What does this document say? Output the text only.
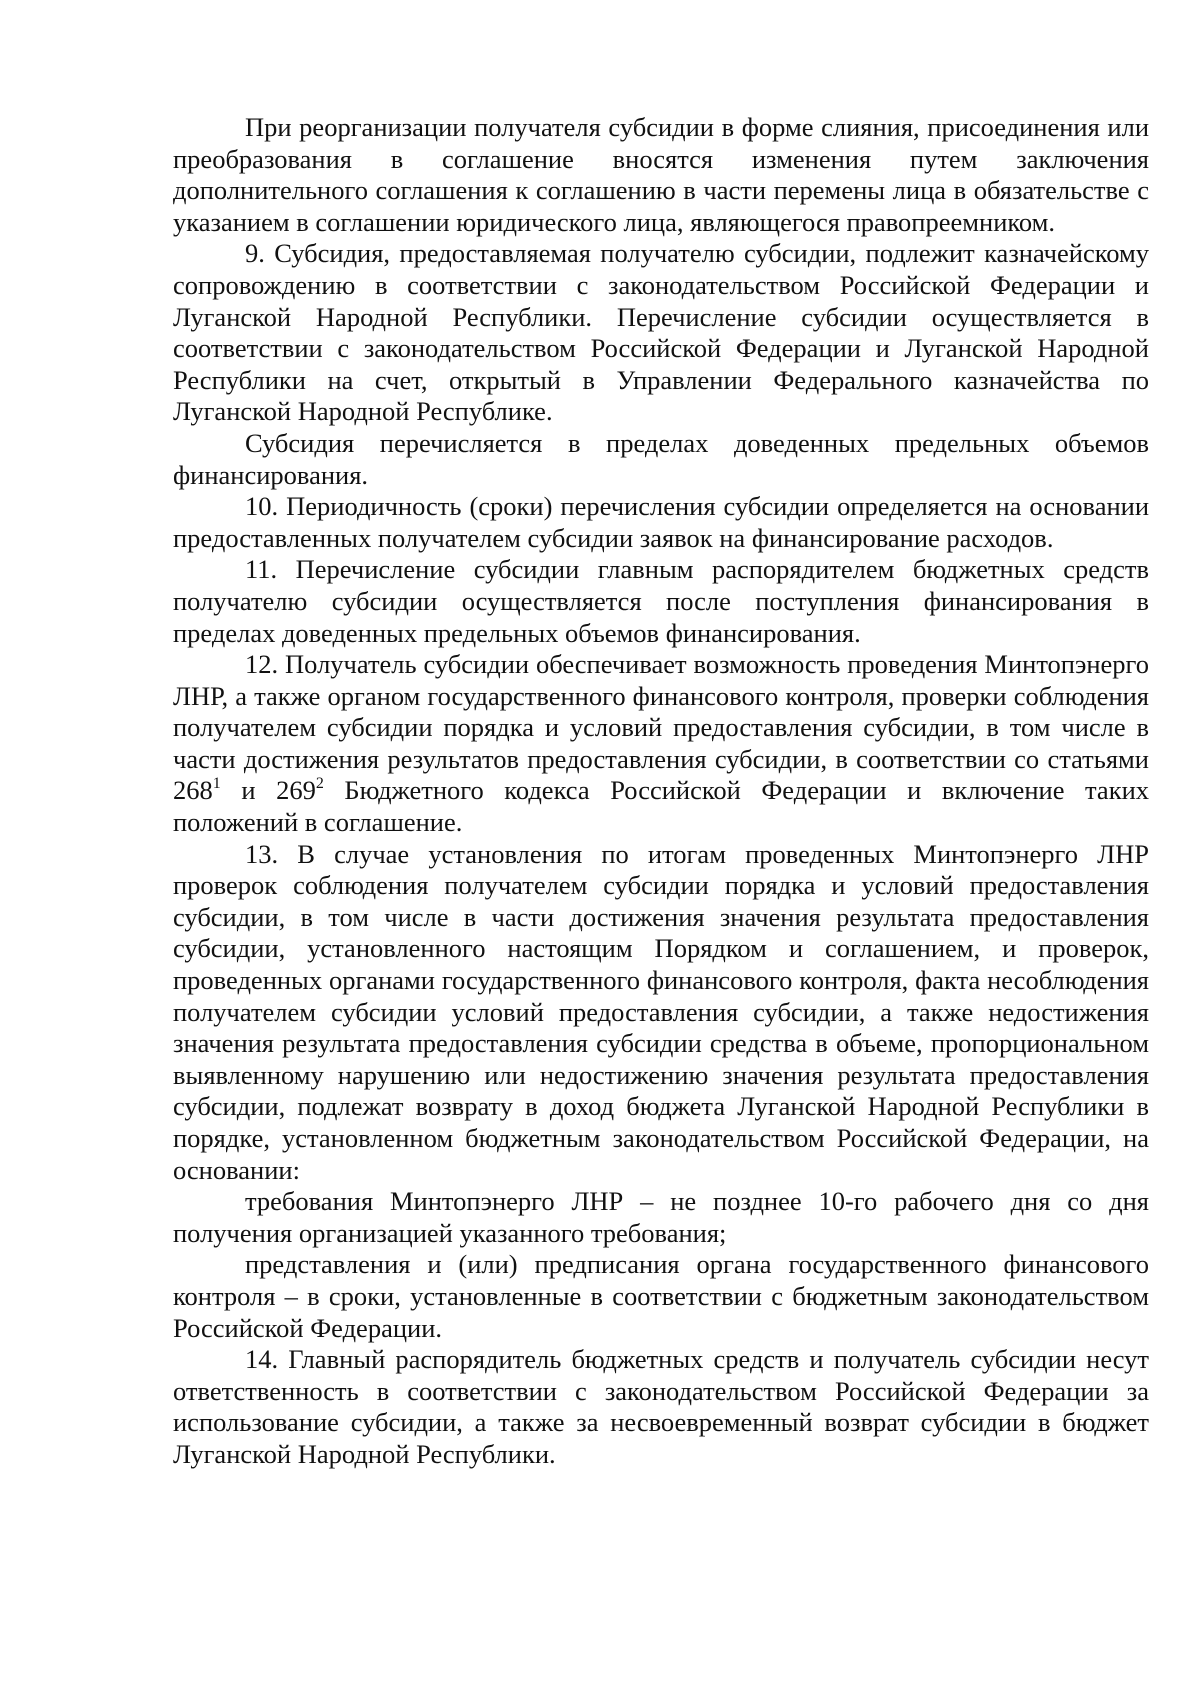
При реорганизации получателя субсидии в форме слияния, присоединения или преобразования в соглашение вносятся изменения путем заключения дополнительного соглашения к соглашению в части перемены лица в обязательстве с указанием в соглашении юридического лица, являющегося правопреемником.

9. Субсидия, предоставляемая получателю субсидии, подлежит казначейскому сопровождению в соответствии с законодательством Российской Федерации и Луганской Народной Республики. Перечисление субсидии осуществляется в соответствии с законодательством Российской Федерации и Луганской Народной Республики на счет, открытый в Управлении Федерального казначейства по Луганской Народной Республике.

Субсидия перечисляется в пределах доведенных предельных объемов финансирования.

10. Периодичность (сроки) перечисления субсидии определяется на основании предоставленных получателем субсидии заявок на финансирование расходов.

11. Перечисление субсидии главным распорядителем бюджетных средств получателю субсидии осуществляется после поступления финансирования в пределах доведенных предельных объемов финансирования.

12. Получатель субсидии обеспечивает возможность проведения Минтопэнерго ЛНР, а также органом государственного финансового контроля, проверки соблюдения получателем субсидии порядка и условий предоставления субсидии, в том числе в части достижения результатов предоставления субсидии, в соответствии со статьями $268^1$ и $269^2$ Бюджетного кодекса Российской Федерации и включение таких положений в соглашение.

13. В случае установления по итогам проведенных Минтопэнерго ЛНР проверок соблюдения получателем субсидии порядка и условий предоставления субсидии, в том числе в части достижения значения результата предоставления субсидии, установленного настоящим Порядком и соглашением, и проверок, проведенных органами государственного финансового контроля, факта несоблюдения получателем субсидии условий предоставления субсидии, а также недостижения значения результата предоставления субсидии средства в объеме, пропорциональном выявленному нарушению или недостижению значения результата предоставления субсидии, подлежат возврату в доход бюджета Луганской Народной Республики в порядке, установленном бюджетным законодательством Российской Федерации, на основании:

требования Минтопэнерго ЛНР – не позднее 10-го рабочего дня со дня получения организацией указанного требования;

представления и (или) предписания органа государственного финансового контроля – в сроки, установленные в соответствии с бюджетным законодательством Российской Федерации.

14. Главный распорядитель бюджетных средств и получатель субсидии несут ответственность в соответствии с законодательством Российской Федерации за использование субсидии, а также за несвоевременный возврат субсидии в бюджет Луганской Народной Республики.
